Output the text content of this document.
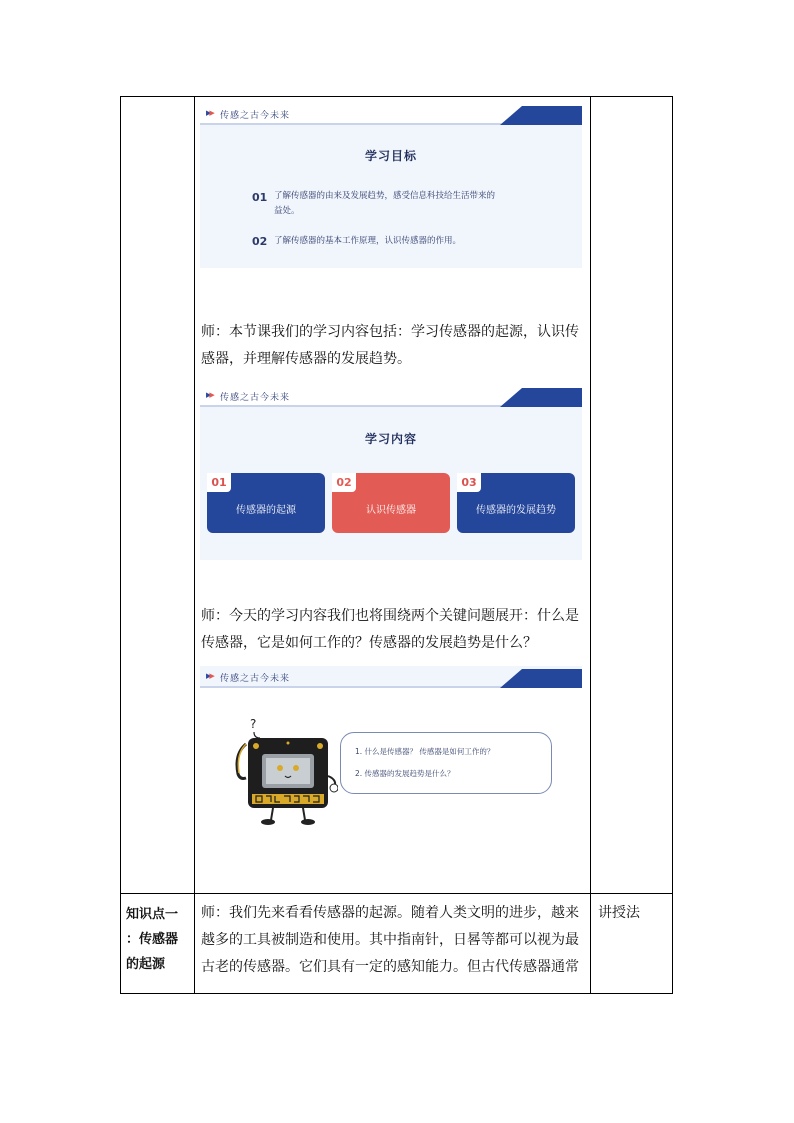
▶▶ 传感之古今未来
学习目标
01 了解传感器的由来及发展趋势，感受信息科技给生活带来的
益处。
02 了解传感器的基本工作原理，认识传感器的作用。
师：本节课我们的学习内容包括：学习传感器的起源，认识传
感器，并理解传感器的发展趋势。
▶▶ 传感之古今未来
学习内容
01
传感器的起源
02
认识传感器
03
传感器的发展趋势
师：今天的学习内容我们也将围绕两个关键问题展开：什么是
传感器，它是如何工作的？传感器的发展趋势是什么？
▶▶ 传感之古今未来
?
1. 什么是传感器？ 传感器是如何工作的？
2. 传感器的发展趋势是什么？
知识点一
：传感器
的起源
师：我们先来看看传感器的起源。随着人类文明的进步，越来
越多的工具被制造和使用。其中指南针，日晷等都可以视为最
古老的传感器。它们具有一定的感知能力。但古代传感器通常
讲授法
